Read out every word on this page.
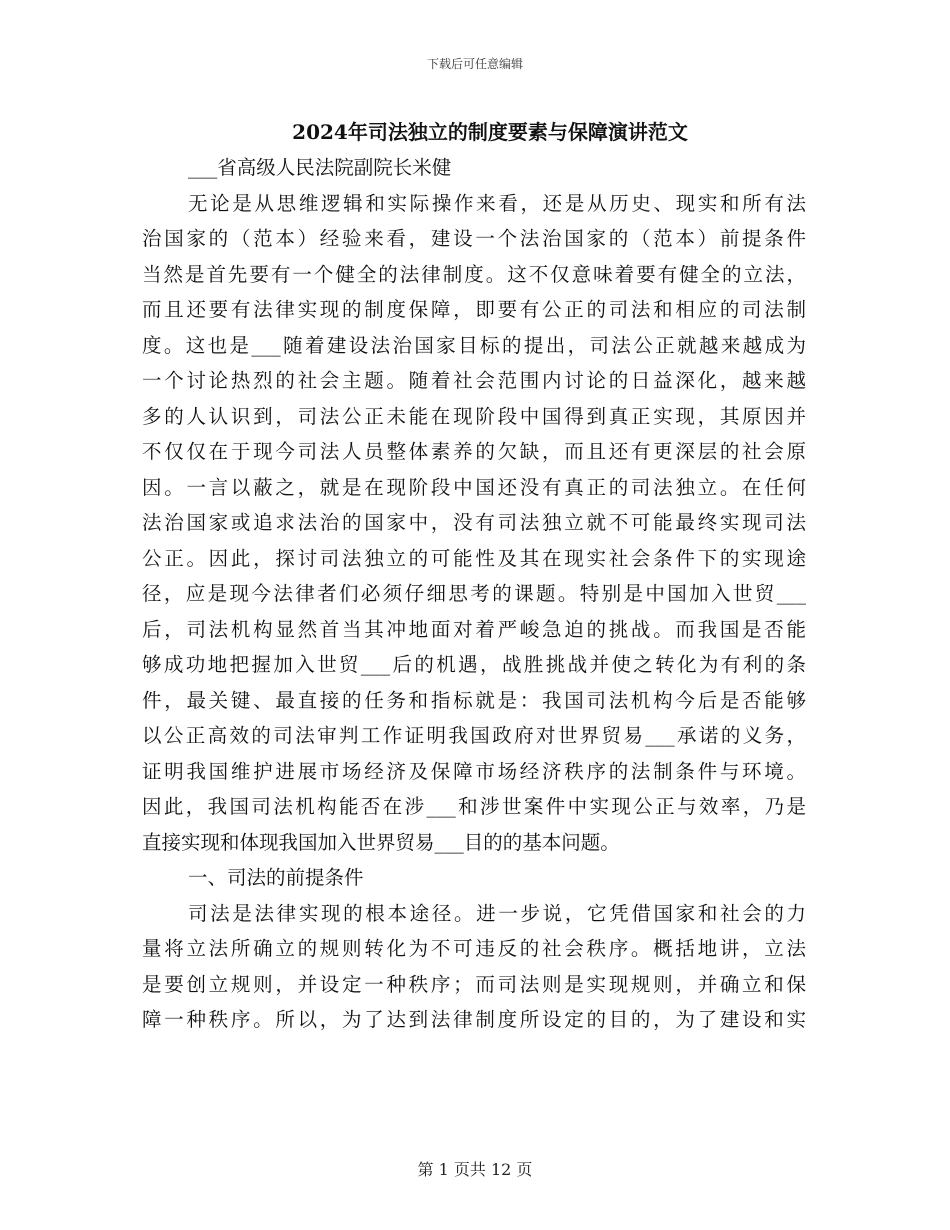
下载后可任意编辑
2024年司法独立的制度要素与保障演讲范文
___省高级人民法院副院长米健
无论是从思维逻辑和实际操作来看，还是从历史、现实和所有法
治国家的（范本）经验来看，建设一个法治国家的（范本）前提条件
当然是首先要有一个健全的法律制度。这不仅意味着要有健全的立法，
而且还要有法律实现的制度保障，即要有公正的司法和相应的司法制
度。这也是___随着建设法治国家目标的提出，司法公正就越来越成为
一个讨论热烈的社会主题。随着社会范围内讨论的日益深化，越来越
多的人认识到，司法公正未能在现阶段中国得到真正实现，其原因并
不仅仅在于现今司法人员整体素养的欠缺，而且还有更深层的社会原
因。一言以蔽之，就是在现阶段中国还没有真正的司法独立。在任何
法治国家或追求法治的国家中，没有司法独立就不可能最终实现司法
公正。因此，探讨司法独立的可能性及其在现实社会条件下的实现途
径，应是现今法律者们必须仔细思考的课题。特别是中国加入世贸___
后，司法机构显然首当其冲地面对着严峻急迫的挑战。而我国是否能
够成功地把握加入世贸___后的机遇，战胜挑战并使之转化为有利的条
件，最关键、最直接的任务和指标就是：我国司法机构今后是否能够
以公正高效的司法审判工作证明我国政府对世界贸易___承诺的义务，
证明我国维护进展市场经济及保障市场经济秩序的法制条件与环境。
因此，我国司法机构能否在涉___和涉世案件中实现公正与效率，乃是
直接实现和体现我国加入世界贸易___目的的基本问题。
一、司法的前提条件
司法是法律实现的根本途径。进一步说，它凭借国家和社会的力
量将立法所确立的规则转化为不可违反的社会秩序。概括地讲，立法
是要创立规则，并设定一种秩序；而司法则是实现规则，并确立和保
障一种秩序。所以，为了达到法律制度所设定的目的，为了建设和实
第 1 页共 12 页
